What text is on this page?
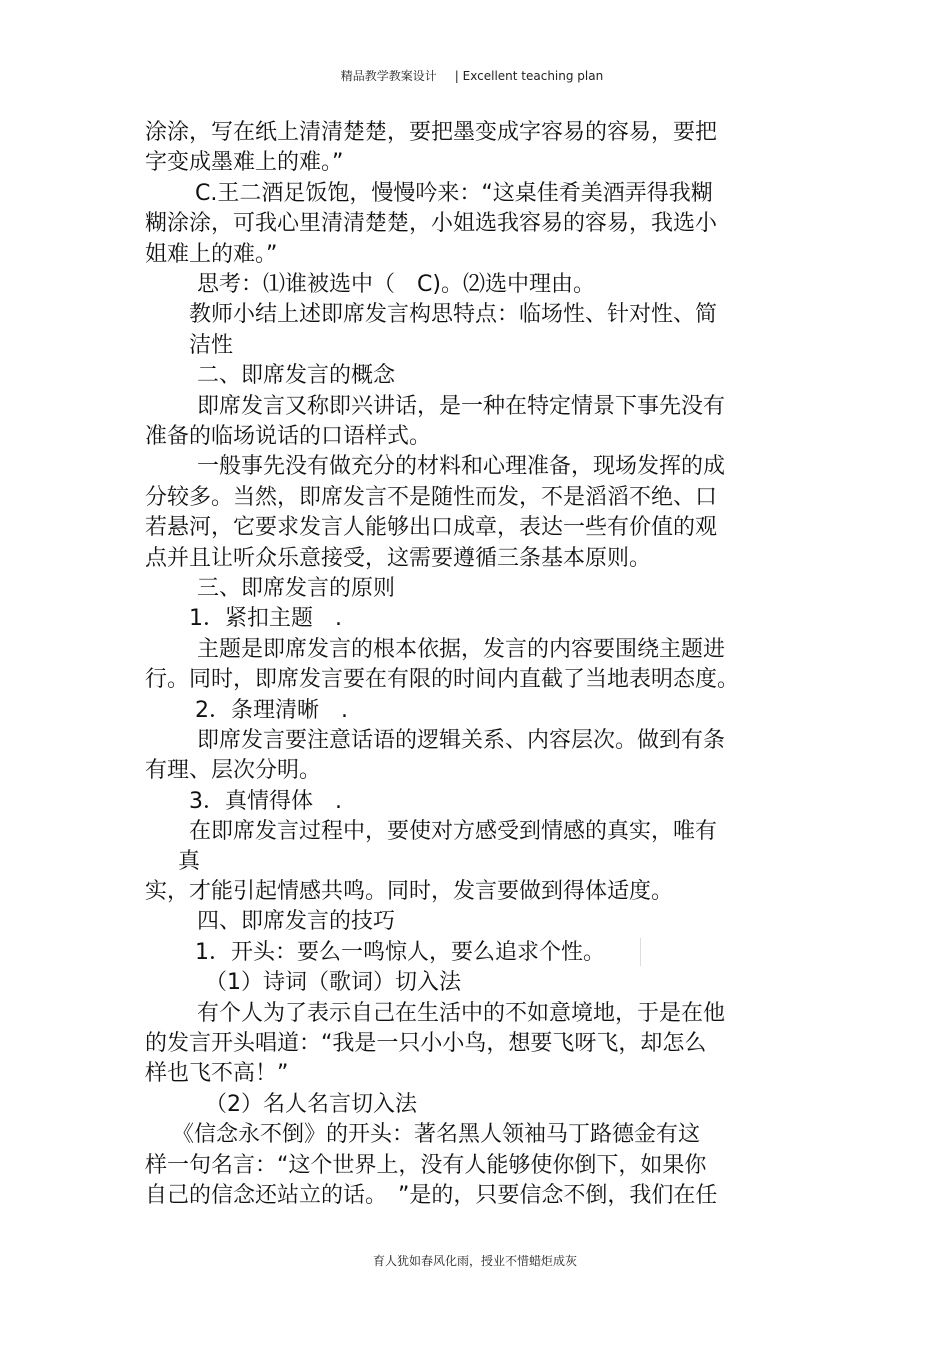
精品教学教案设计 | Excellent teaching plan
涂涂，写在纸上清清楚楚，要把墨变成字容易的容易，要把
字变成墨难上的难。”
C.王二酒足饭饱，慢慢吟来：“这桌佳肴美酒弄得我糊
糊涂涂，可我心里清清楚楚，小姐选我容易的容易，我选小
姐难上的难。”
思考：⑴谁被选中（　C)。⑵选中理由。
教师小结上述即席发言构思特点：临场性、针对性、简
洁性
二、即席发言的概念
即席发言又称即兴讲话，是一种在特定情景下事先没有
准备的临场说话的口语样式。
一般事先没有做充分的材料和心理准备，现场发挥的成
分较多。当然，即席发言不是随性而发，不是滔滔不绝、口
若悬河，它要求发言人能够出口成章，表达一些有价值的观
点并且让听众乐意接受，这需要遵循三条基本原则。
三、即席发言的原则
1．紧扣主题　.
主题是即席发言的根本依据，发言的内容要围绕主题进
行。同时，即席发言要在有限的时间内直截了当地表明态度。
2．条理清晰　.
即席发言要注意话语的逻辑关系、内容层次。做到有条
有理、层次分明。
3．真情得体　.
在即席发言过程中，要使对方感受到情感的真实，唯有
真
实，才能引起情感共鸣。同时，发言要做到得体适度。
四、即席发言的技巧
1．开头：要么一鸣惊人，要么追求个性。
（1）诗词（歌词）切入法
有个人为了表示自己在生活中的不如意境地，于是在他
的发言开头唱道：“我是一只小小鸟，想要飞呀飞，却怎么
样也飞不高！”
（2）名人名言切入法
《信念永不倒》的开头：著名黑人领袖马丁路德金有这
样一句名言：“这个世界上，没有人能够使你倒下，如果你
自己的信念还站立的话。　”是的，只要信念不倒，我们在任
育人犹如春风化雨，授业不惜蜡炬成灰
